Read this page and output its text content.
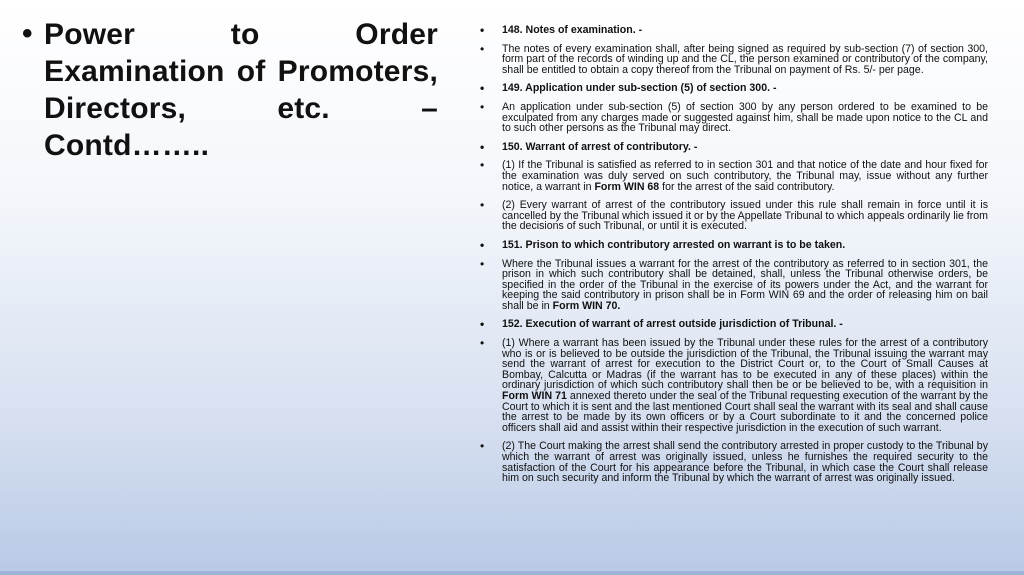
• Power to Order Examination of Promoters, Directors, etc. – Contd……..
• 148. Notes of examination. -
• The notes of every examination shall, after being signed as required by sub-section (7) of section 300, form part of the records of winding up and the CL, the person examined or contributory of the company, shall be entitled to obtain a copy thereof from the Tribunal on payment of Rs. 5/- per page.
• 149. Application under sub-section (5) of section 300. -
• An application under sub-section (5) of section 300 by any person ordered to be examined to be exculpated from any charges made or suggested against him, shall be made upon notice to the CL and to such other persons as the Tribunal may direct.
• 150. Warrant of arrest of contributory. -
• (1) If the Tribunal is satisfied as referred to in section 301 and that notice of the date and hour fixed for the examination was duly served on such contributory, the Tribunal may, issue without any further notice, a warrant in Form WIN 68 for the arrest of the said contributory.
• (2) Every warrant of arrest of the contributory issued under this rule shall remain in force until it is cancelled by the Tribunal which issued it or by the Appellate Tribunal to which appeals ordinarily lie from the decisions of such Tribunal, or until it is executed.
• 151. Prison to which contributory arrested on warrant is to be taken.
• Where the Tribunal issues a warrant for the arrest of the contributory as referred to in section 301, the prison in which such contributory shall be detained, shall, unless the Tribunal otherwise orders, be specified in the order of the Tribunal in the exercise of its powers under the Act, and the warrant for keeping the said contributory in prison shall be in Form WIN 69 and the order of releasing him on bail shall be in Form WIN 70.
• 152. Execution of warrant of arrest outside jurisdiction of Tribunal. -
• (1) Where a warrant has been issued by the Tribunal under these rules for the arrest of a contributory who is or is believed to be outside the jurisdiction of the Tribunal, the Tribunal issuing the warrant may send the warrant of arrest for execution to the District Court or, to the Court of Small Causes at Bombay, Calcutta or Madras (if the warrant has to be executed in any of these places) within the ordinary jurisdiction of which such contributory shall then be or be believed to be, with a requisition in Form WIN 71 annexed thereto under the seal of the Tribunal requesting execution of the warrant by the Court to which it is sent and the last mentioned Court shall seal the warrant with its seal and shall cause the arrest to be made by its own officers or by a Court subordinate to it and the concerned police officers shall aid and assist within their respective jurisdiction in the execution of such warrant.
• (2) The Court making the arrest shall send the contributory arrested in proper custody to the Tribunal by which the warrant of arrest was originally issued, unless he furnishes the required security to the satisfaction of the Court for his appearance before the Tribunal, in which case the Court shall release him on such security and inform the Tribunal by which the warrant of arrest was originally issued.
